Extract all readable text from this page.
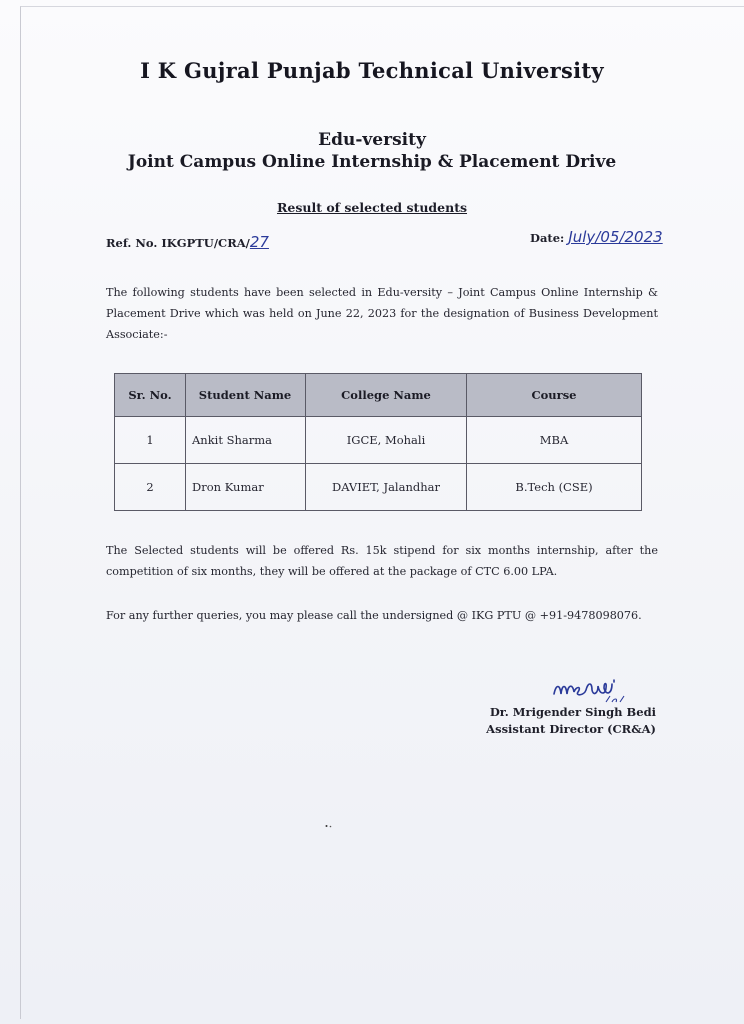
I K Gujral Punjab Technical University
Edu-versity
Joint Campus Online Internship & Placement Drive
Result of selected students
Ref. No. IKGPTU/CRA/27	Date: July/05/2023
The following students have been selected in Edu-versity – Joint Campus Online Internship & Placement Drive which was held on June 22, 2023 for the designation of Business Development Associate:-
Sr. No.	Student Name	College Name	Course
1	Ankit Sharma	IGCE, Mohali	MBA
2	Dron Kumar	DAVIET, Jalandhar	B.Tech (CSE)
The Selected students will be offered Rs. 15k stipend for six months internship, after the competition of six months, they will be offered at the package of CTC 6.00 LPA.
For any further queries, you may please call the undersigned @ IKG PTU @ +91-9478098076.
Dr. Mrigender Singh Bedi
Assistant Director (CR&A)
